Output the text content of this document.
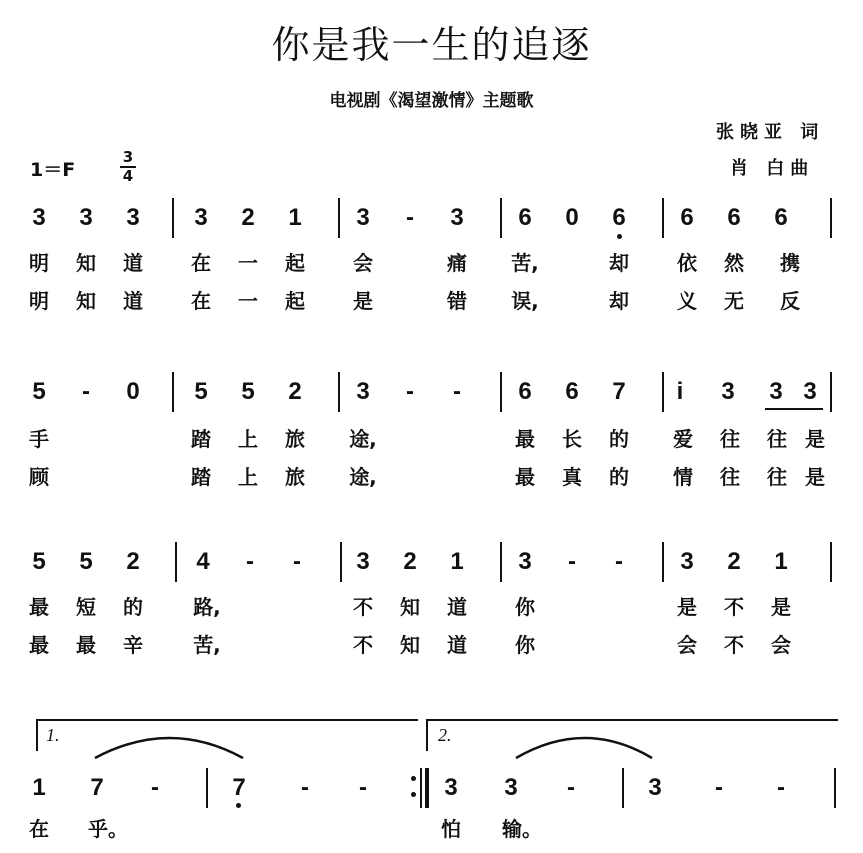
你是我一生的追逐
电视剧《渴望激情》主题歌
张晓亚 词
肖 白曲
1＝F
3
4
3	3	3	3	2	1	3	-	3	6	0	6	6	6	6
明 知 道 在 一 起 会	痛 苦,	却 依 然 携
明 知 道 在 一 起 是	错 误,	却 义 无 反
5	-	0	5	5	2	3	-	-	6	6	7	i	3	3 3
手	踏 上 旅 途,	最 长 的 爱 往 往 是
顾	踏 上 旅 途,	最 真 的 情 往 往 是
5	5	2	4	-	-	3	2	1	3	-	-	3	2	1
最 短 的	路,	不 知 道 你	是 不 是
最 最 辛	苦,	不 知 道 你	会 不 会
1.	2.
1	7	-	7	-	-	3	3	-	3	-	-
在 乎。	怕 输。
